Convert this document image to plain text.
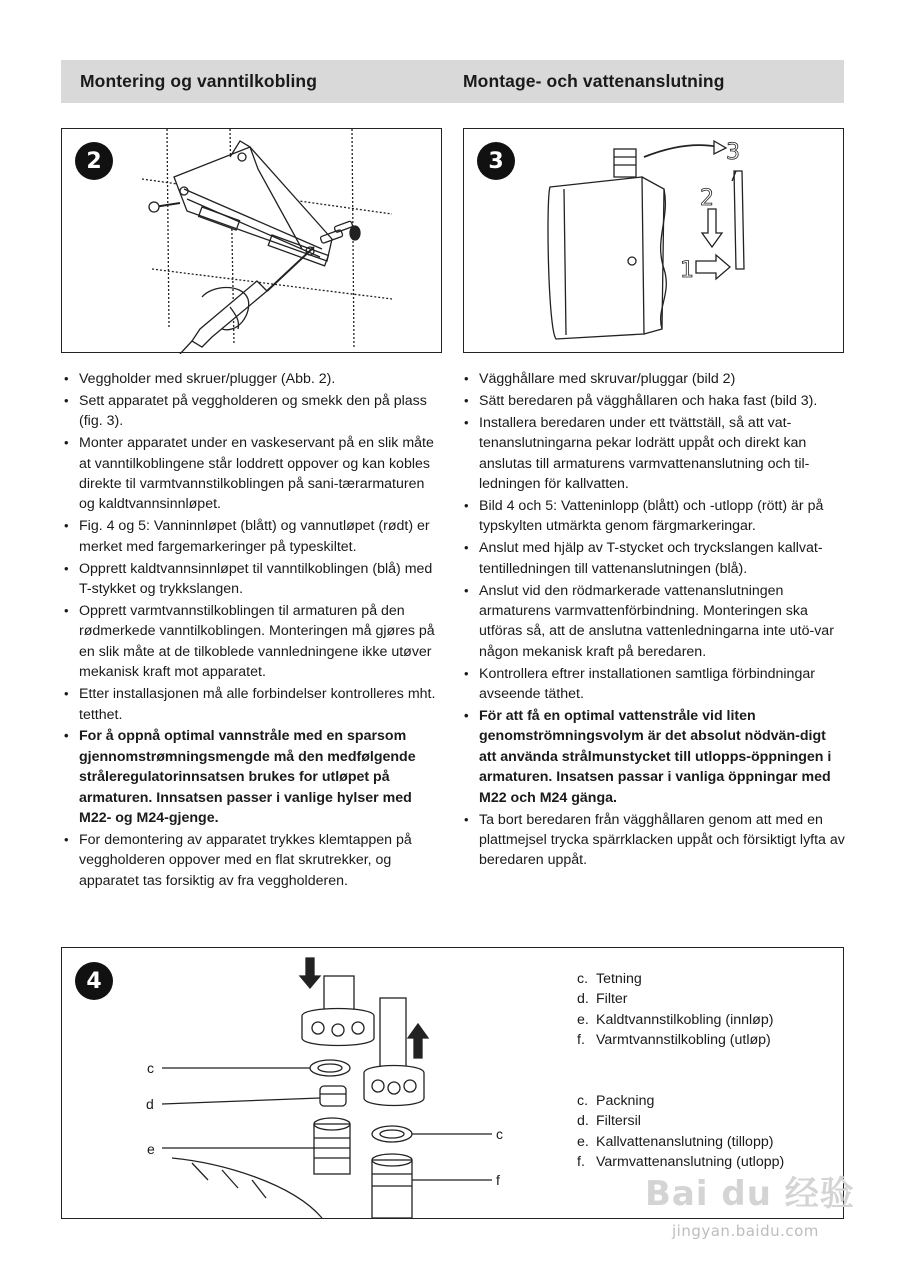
Montering og vanntilkobling	Montage- och vattenanslutning
2	3
1
2
3
• Veggholder med skruer/plugger (Abb. 2).
• Sett apparatet på veggholderen og smekk den på plass (fig. 3).
• Monter apparatet under en vaskeservant på en slik måte at vanntilkoblingene står loddrett oppover og kan kobles direkte til varmtvannstilkoblingen på sani-tærarmaturen og kaldtvannsinnløpet.
• Fig. 4 og 5: Vanninnløpet (blått) og vannutløpet (rødt) er merket med fargemarkeringer på typeskiltet.
• Opprett kaldtvannsinnløpet til vanntilkoblingen (blå) med T-stykket og trykkslangen.
• Opprett varmtvannstilkoblingen til armaturen på den rødmerkede vanntilkoblingen. Monteringen må gjøres på en slik måte at de tilkoblede vannledningene ikke utøver mekanisk kraft mot apparatet.
• Etter installasjonen må alle forbindelser kontrolleres mht. tetthet.
• For å oppnå optimal vannstråle med en sparsom gjennomstrømningsmengde må den medfølgende stråleregulatorinnsatsen brukes for utløpet på armaturen. Innsatsen passer i vanlige hylser med M22- og M24-gjenge.
• For demontering av apparatet trykkes klemtappen på veggholderen oppover med en flat skrutrekker, og apparatet tas forsiktig av fra veggholderen.
• Vägghållare med skruvar/pluggar (bild 2)
• Sätt beredaren på vägghållaren och haka fast (bild 3).
• Installera beredaren under ett tvättställ, så att vat-tenanslutningarna pekar lodrätt uppåt och direkt kan anslutas till armaturens varmvattenanslutning och til-ledningen för kallvatten.
• Bild 4 och 5: Vatteninlopp (blått) och -utlopp (rött) är på typskylten utmärkta genom färgmarkeringar.
• Anslut med hjälp av T-stycket och tryckslangen kallvat-tentilledningen till vattenanslutningen (blå).
• Anslut vid den rödmarkerade vattenanslutningen armaturens varmvattenförbindning. Monteringen ska utföras så, att de anslutna vattenledningarna inte utö-var någon mekanisk kraft på beredaren.
• Kontrollera eftrer installationen samtliga förbindningar avseende täthet.
• För att få en optimal vattenstråle vid liten genomströmningsvolym är det absolut nödvän-digt att använda strålmunstycket till utlopps-öppningen i armaturen. Insatsen passar i vanliga öppningar med M22 och M24 gänga.
• Ta bort beredaren från vägghållaren genom att med en plattmejsel trycka spärrklacken uppåt och försiktigt lyfta av beredaren uppåt.
4
c
d
e
c
f
c. Tetning
d. Filter
e. Kaldtvannstilkobling (innløp)
f. Varmtvannstilkobling (utløp)
c. Packning
d. Filtersil
e. Kallvattenanslutning (tillopp)
f. Varmvattenanslutning (utlopp)
Bai du 经验
jingyan.baidu.com
